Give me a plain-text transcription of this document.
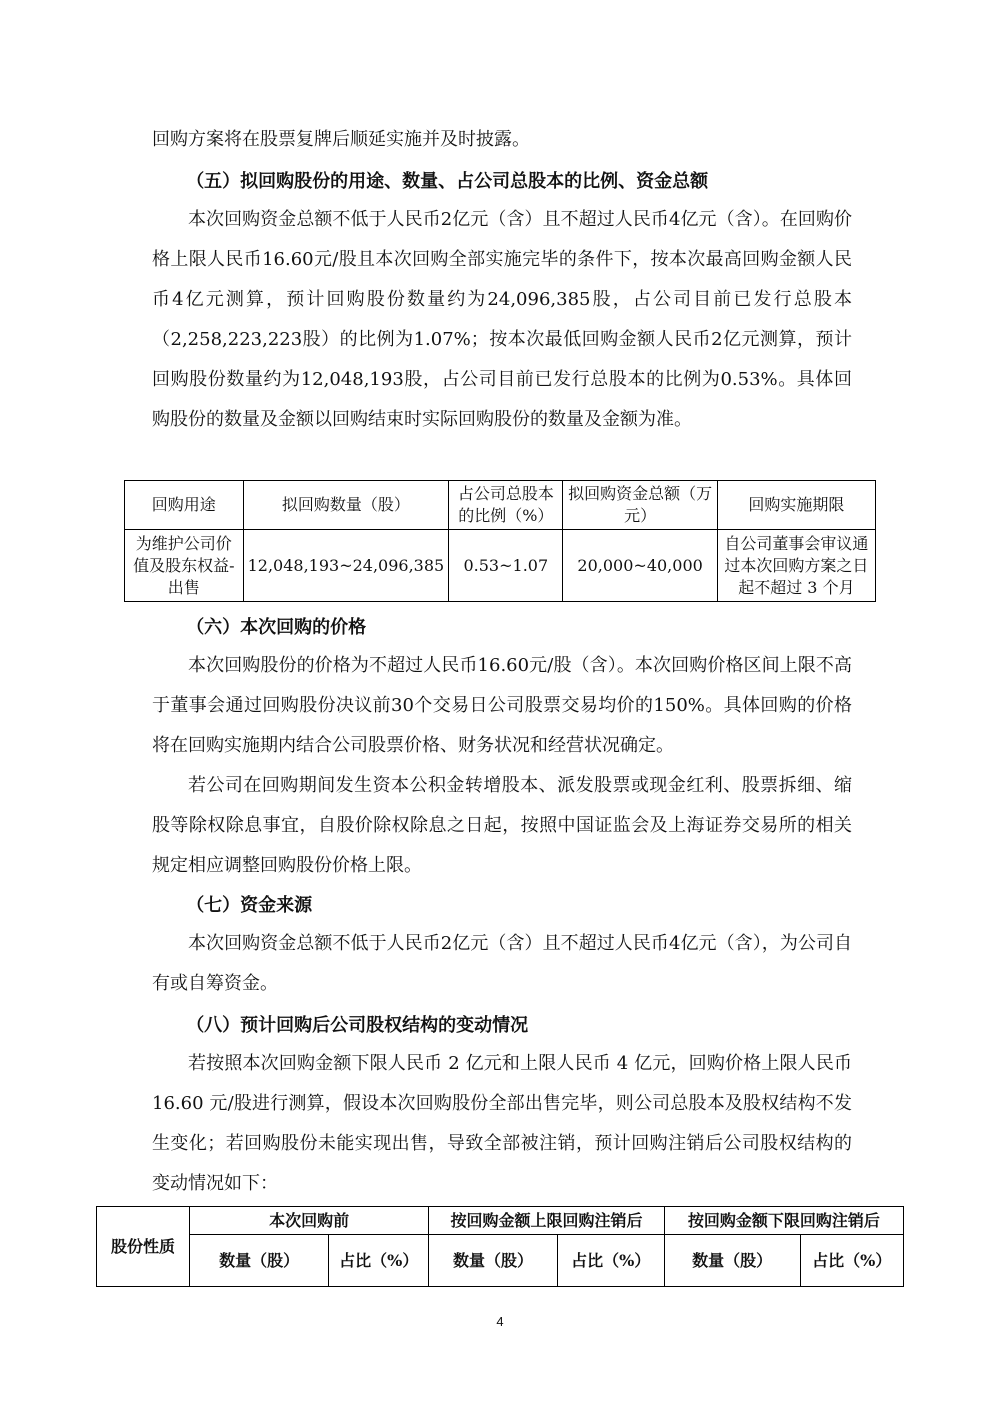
回购方案将在股票复牌后顺延实施并及时披露。

（五）拟回购股份的用途、数量、占公司总股本的比例、资金总额

本次回购资金总额不低于人民币2亿元（含）且不超过人民币4亿元（含）。在回购价格上限人民币16.60元/股且本次回购全部实施完毕的条件下，按本次最高回购金额人民币4亿元测算，预计回购股份数量约为24,096,385股，占公司目前已发行总股本（2,258,223,223股）的比例为1.07%；按本次最低回购金额人民币2亿元测算，预计回购股份数量约为12,048,193股，占公司目前已发行总股本的比例为0.53%。具体回购股份的数量及金额以回购结束时实际回购股份的数量及金额为准。

回购用途	拟回购数量（股）	占公司总股本的比例（%）	拟回购资金总额（万元）	回购实施期限
为维护公司价值及股东权益-出售	12,048,193~24,096,385	0.53~1.07	20,000~40,000	自公司董事会审议通过本次回购方案之日起不超过 3 个月

（六）本次回购的价格

本次回购股份的价格为不超过人民币16.60元/股（含）。本次回购价格区间上限不高于董事会通过回购股份决议前30个交易日公司股票交易均价的150%。具体回购的价格将在回购实施期内结合公司股票价格、财务状况和经营状况确定。

若公司在回购期间发生资本公积金转增股本、派发股票或现金红利、股票拆细、缩股等除权除息事宜，自股价除权除息之日起，按照中国证监会及上海证券交易所的相关规定相应调整回购股份价格上限。

（七）资金来源

本次回购资金总额不低于人民币2亿元（含）且不超过人民币4亿元（含），为公司自有或自筹资金。

（八）预计回购后公司股权结构的变动情况

若按照本次回购金额下限人民币 2 亿元和上限人民币 4 亿元，回购价格上限人民币 16.60 元/股进行测算，假设本次回购股份全部出售完毕，则公司总股本及股权结构不发生变化；若回购股份未能实现出售，导致全部被注销，预计回购注销后公司股权结构的变动情况如下：

股份性质	本次回购前		按回购金额上限回购注销后		按回购金额下限回购注销后	
	数量（股）	占比（%）	数量（股）	占比（%）	数量（股）	占比（%）
4
